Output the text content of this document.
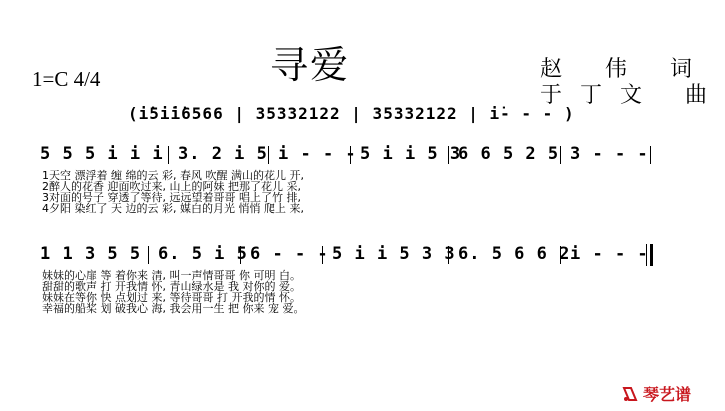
寻爱
1=C 4/4	赵 伟 词
于丁文 曲
(i̇5i̇i̇6566 | 35332122 | 35332122 | i̇- - - )
5 5 5 i i i 3. 2 i 5 i - - - 5 i i 5 3
6 6 5 2 5 3 - - -
1天空 漂浮着 缠 绵的云 彩, 春风 吹醒 满山的花儿 开,
2醉人的花香 迎面吹过来, 山上的阿妹 把那了花儿 采,
3对面的号子 穿透了等待, 远远望着哥哥 唱上了竹 排,
4夕阳 染红了 天 边的云 彩, 媒白的月光 悄悄 爬上 来,
1 1 3 5 5 6. 5 i 5 6 - - - 5 i i 5 3 3 6. 5 6 6 2 i - - -
妹妹的心扉 等 着你来 清, 叫一声情哥哥 你 可明 白。
甜甜的歌声 打 开我情 怀, 青山绿水是 我 对你的 爱。
妹妹在等你 快 点划过 来, 等待哥哥 打 开我的情 怀。
幸福的船桨 划 破我心 海, 我会用一生 把 你来 宠 爱。
琴艺谱
